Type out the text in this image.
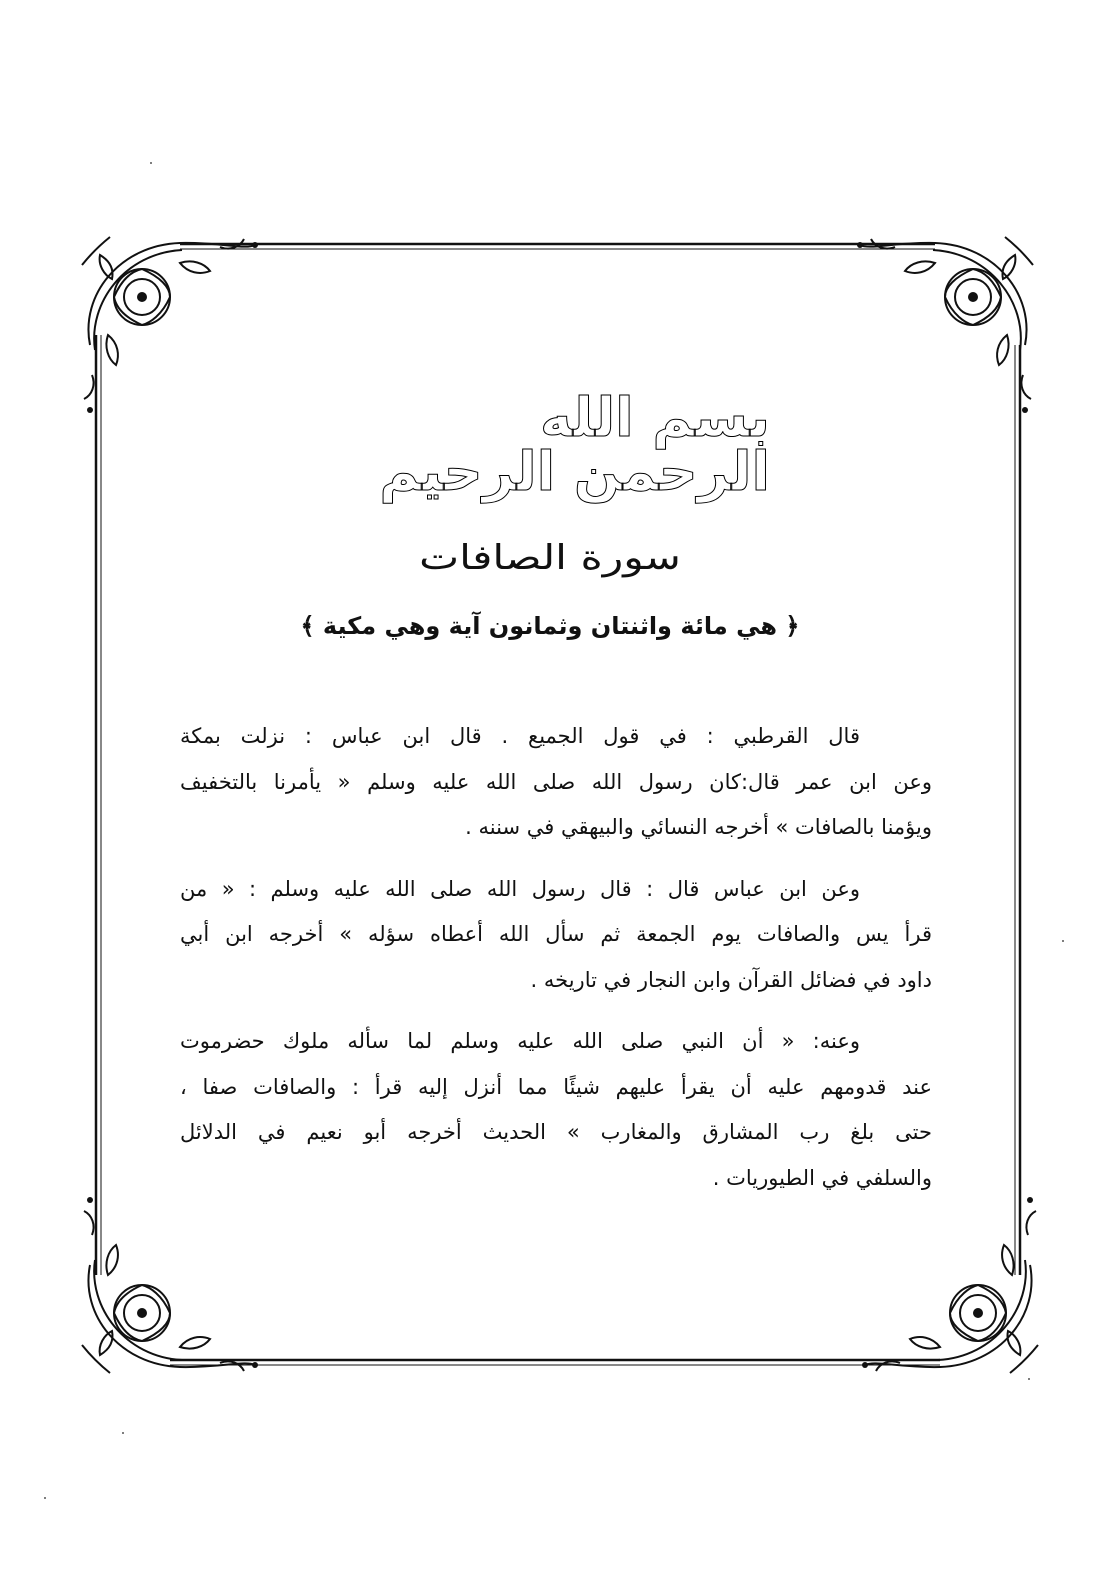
بسم الله الرحمن الرحيم
سورة الصافات
﴿ هي مائة واثنتان وثمانون آية وهي مكية ﴾

قال القرطبي : في قول الجميع . قال ابن عباس : نزلت بمكة
وعن ابن عمر قال:كان رسول الله صلى الله عليه وسلم « يأمرنا بالتخفيف
ويؤمنا بالصافات » أخرجه النسائي والبيهقي في سننه .

وعن ابن عباس قال : قال رسول الله صلى الله عليه وسلم : « من
قرأ يس والصافات يوم الجمعة ثم سأل الله أعطاه سؤله » أخرجه ابن أبي
داود في فضائل القرآن وابن النجار في تاريخه .

وعنه: « أن النبي صلى الله عليه وسلم لما سأله ملوك حضرموت
عند قدومهم عليه أن يقرأ عليهم شيئًا مما أنزل إليه قرأ : والصافات صفا ،
حتى بلغ رب المشارق والمغارب » الحديث أخرجه أبو نعيم في الدلائل
والسلفي في الطيوريات .
